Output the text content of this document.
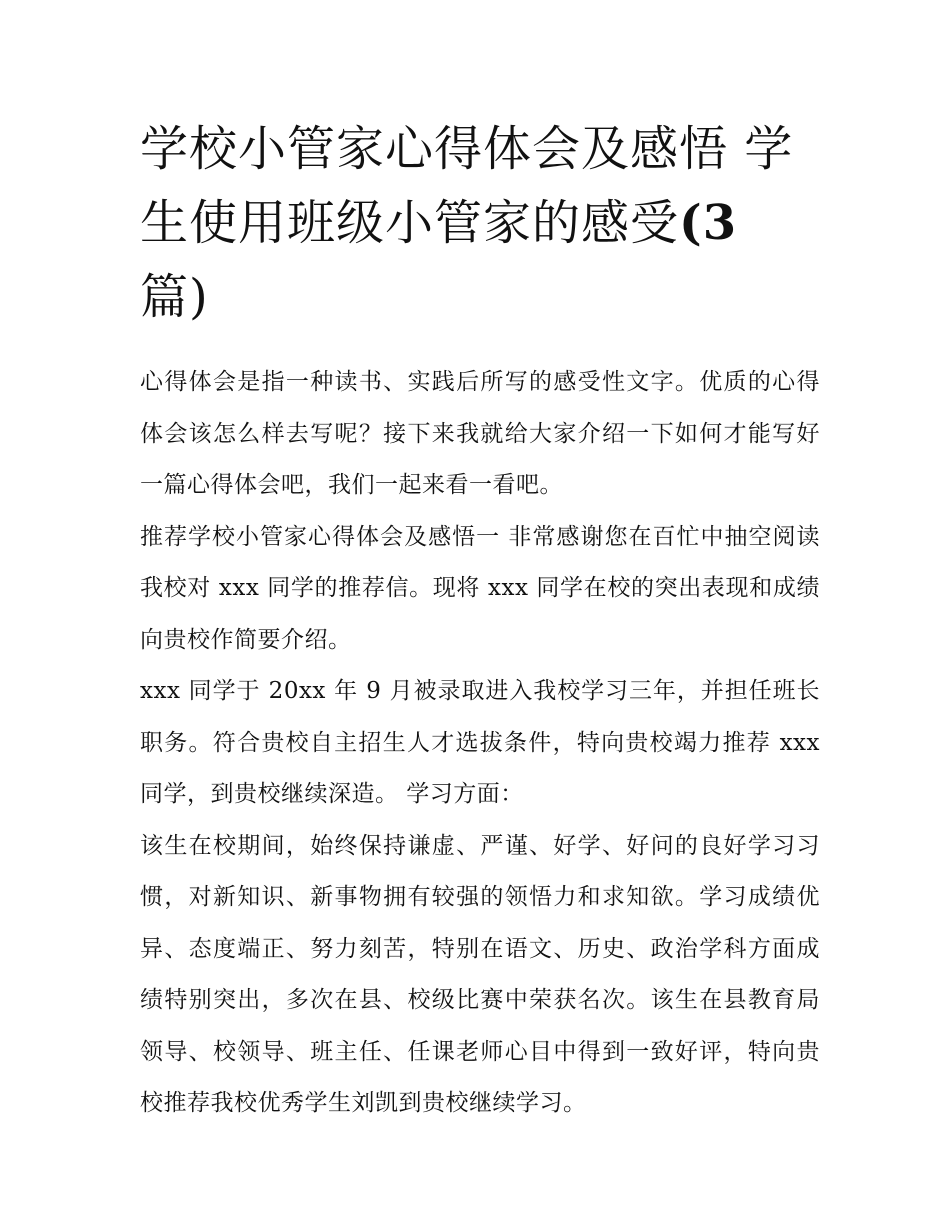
学校小管家心得体会及感悟 学生使用班级小管家的感受(3
篇)

心得体会是指一种读书、实践后所写的感受性文字。优质的心得体会该怎么样去写呢？接下来我就给大家介绍一下如何才能写好一篇心得体会吧，我们一起来看一看吧。

推荐学校小管家心得体会及感悟一 非常感谢您在百忙中抽空阅读我校对 xxx 同学的推荐信。现将 xxx 同学在校的突出表现和成绩向贵校作简要介绍。

xxx 同学于 20xx 年 9 月被录取进入我校学习三年，并担任班长职务。符合贵校自主招生人才选拔条件，特向贵校竭力推荐 xxx 同学，到贵校继续深造。 学习方面：

该生在校期间，始终保持谦虚、严谨、好学、好问的良好学习习惯，对新知识、新事物拥有较强的领悟力和求知欲。学习成绩优异、态度端正、努力刻苦，特别在语文、历史、政治学科方面成绩特别突出，多次在县、校级比赛中荣获名次。该生在县教育局领导、校领导、班主任、任课老师心目中得到一致好评，特向贵校推荐我校优秀学生刘凯到贵校继续学习。
